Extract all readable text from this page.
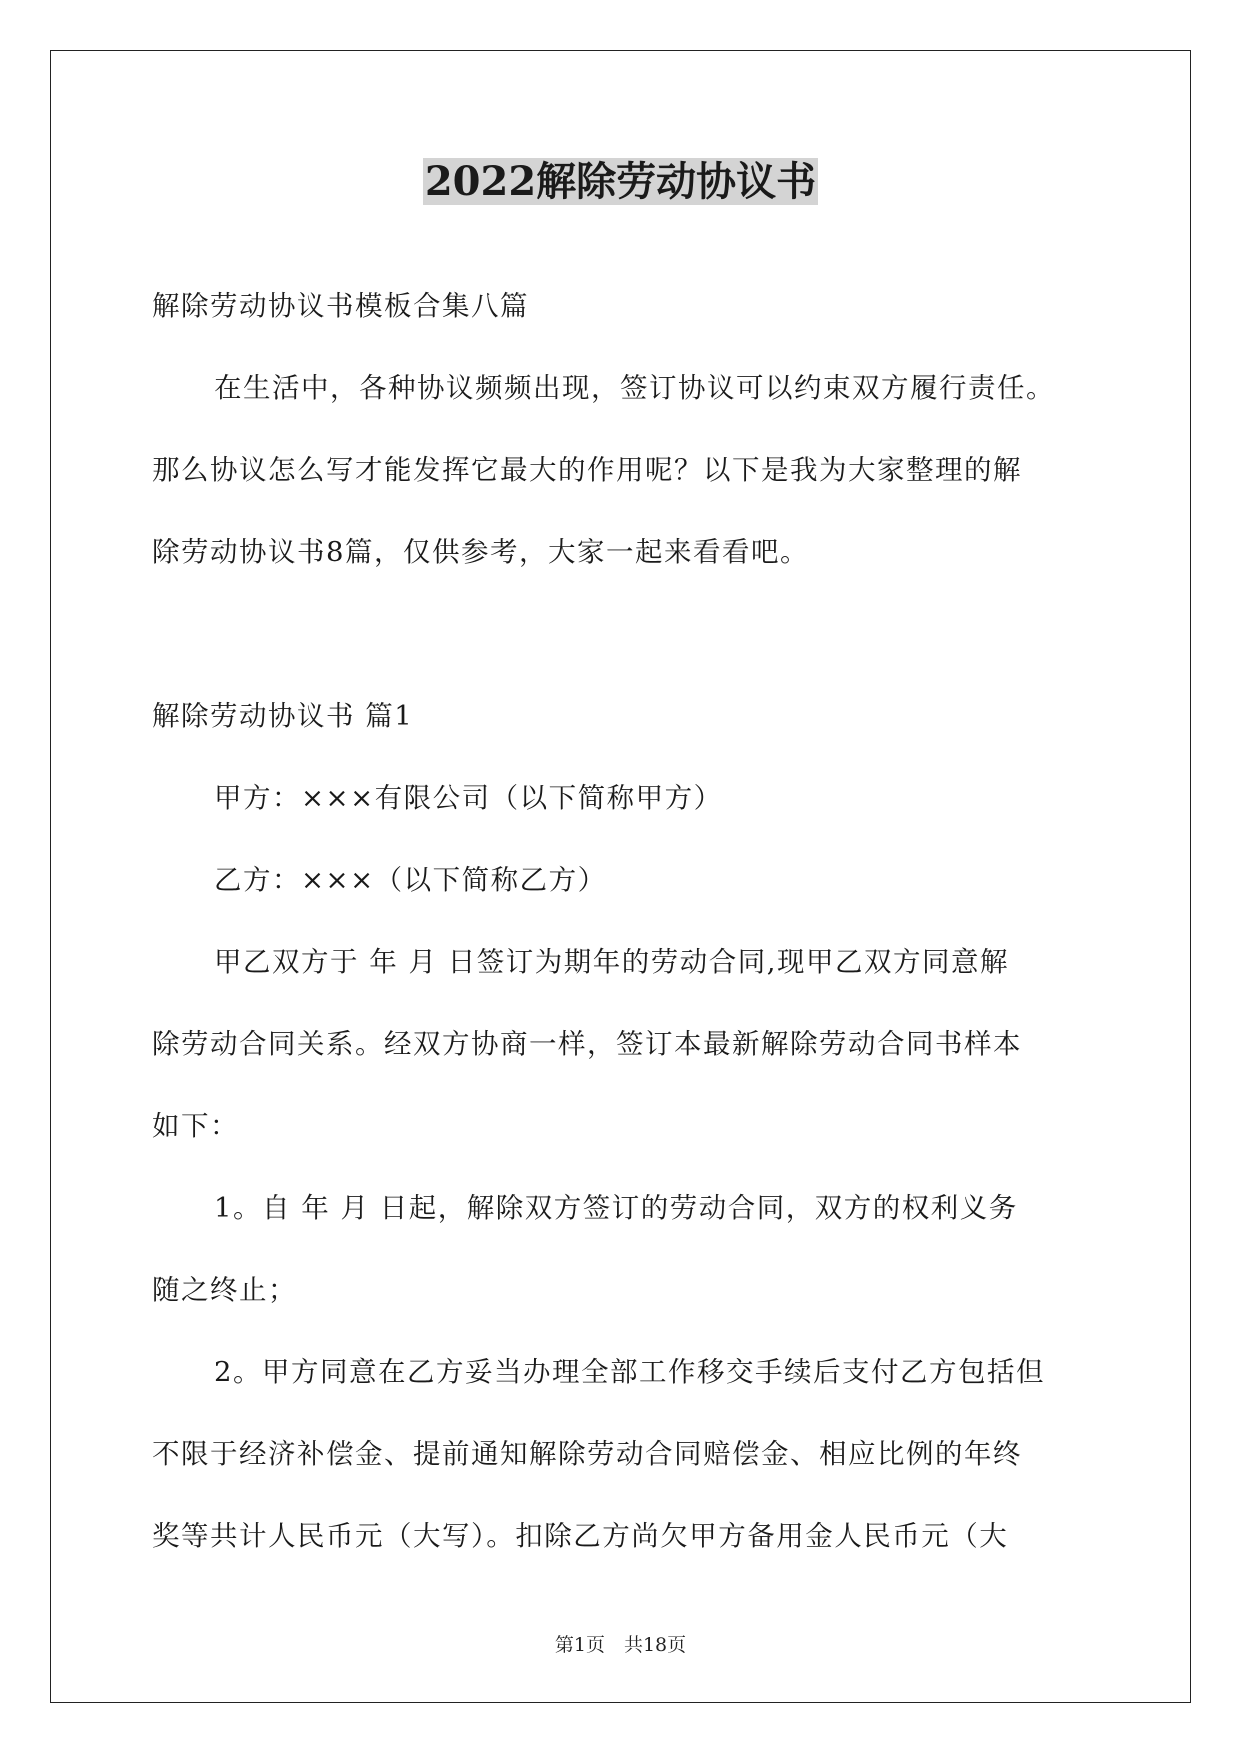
2022解除劳动协议书
解除劳动协议书模板合集八篇
在生活中，各种协议频频出现，签订协议可以约束双方履行责任。
那么协议怎么写才能发挥它最大的作用呢？以下是我为大家整理的解
除劳动协议书8篇，仅供参考，大家一起来看看吧。
解除劳动协议书 篇1
甲方：×××有限公司（以下简称甲方）
乙方：×××（以下简称乙方）
甲乙双方于 年 月 日签订为期年的劳动合同,现甲乙双方同意解
除劳动合同关系。经双方协商一样，签订本最新解除劳动合同书样本
如下：
1。自 年 月 日起，解除双方签订的劳动合同，双方的权利义务
随之终止；
2。甲方同意在乙方妥当办理全部工作移交手续后支付乙方包括但
不限于经济补偿金、提前通知解除劳动合同赔偿金、相应比例的年终
奖等共计人民币元（大写）。扣除乙方尚欠甲方备用金人民币元（大
第1页　共18页
